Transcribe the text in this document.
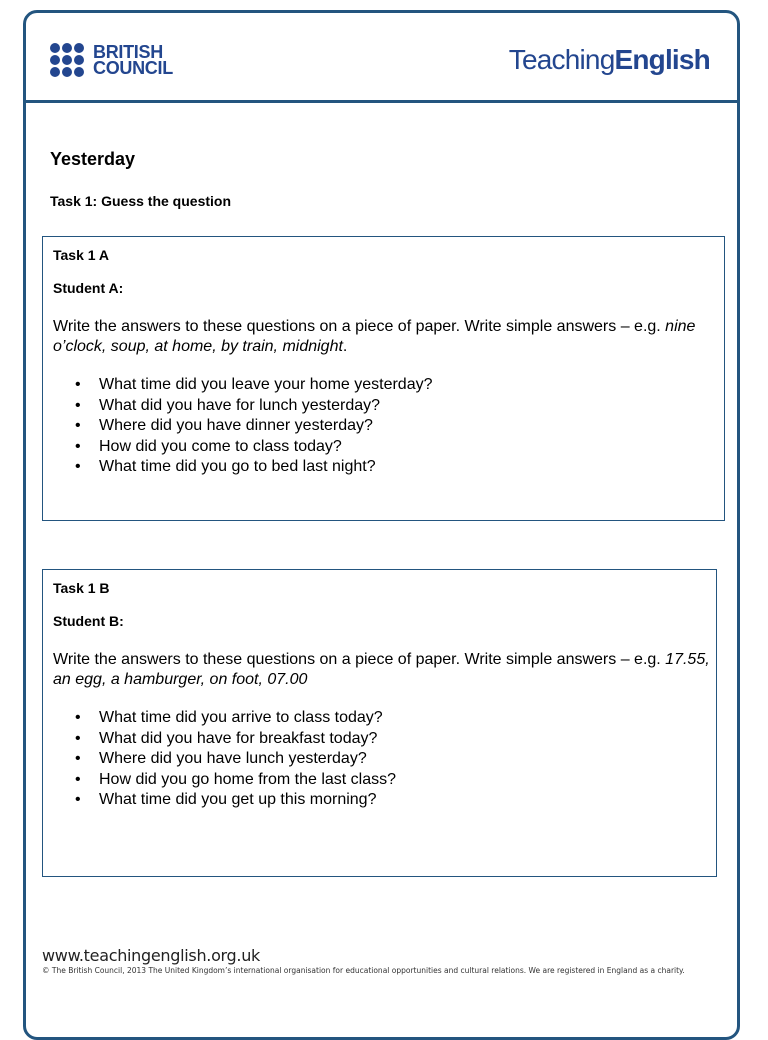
BRITISH
COUNCIL	TeachingEnglish
Yesterday
Task 1: Guess the question
Task 1 A
Student A:
Write the answers to these questions on a piece of paper. Write simple answers – e.g. nine o’clock, soup, at home, by train, midnight.
• What time did you leave your home yesterday?
• What did you have for lunch yesterday?
• Where did you have dinner yesterday?
• How did you come to class today?
• What time did you go to bed last night?
Task 1 B
Student B:
Write the answers to these questions on a piece of paper. Write simple answers – e.g. 17.55, an egg, a hamburger, on foot, 07.00
• What time did you arrive to class today?
• What did you have for breakfast today?
• Where did you have lunch yesterday?
• How did you go home from the last class?
• What time did you get up this morning?
www.teachingenglish.org.uk
© The British Council, 2013 The United Kingdom’s international organisation for educational opportunities and cultural relations. We are registered in England as a charity.
